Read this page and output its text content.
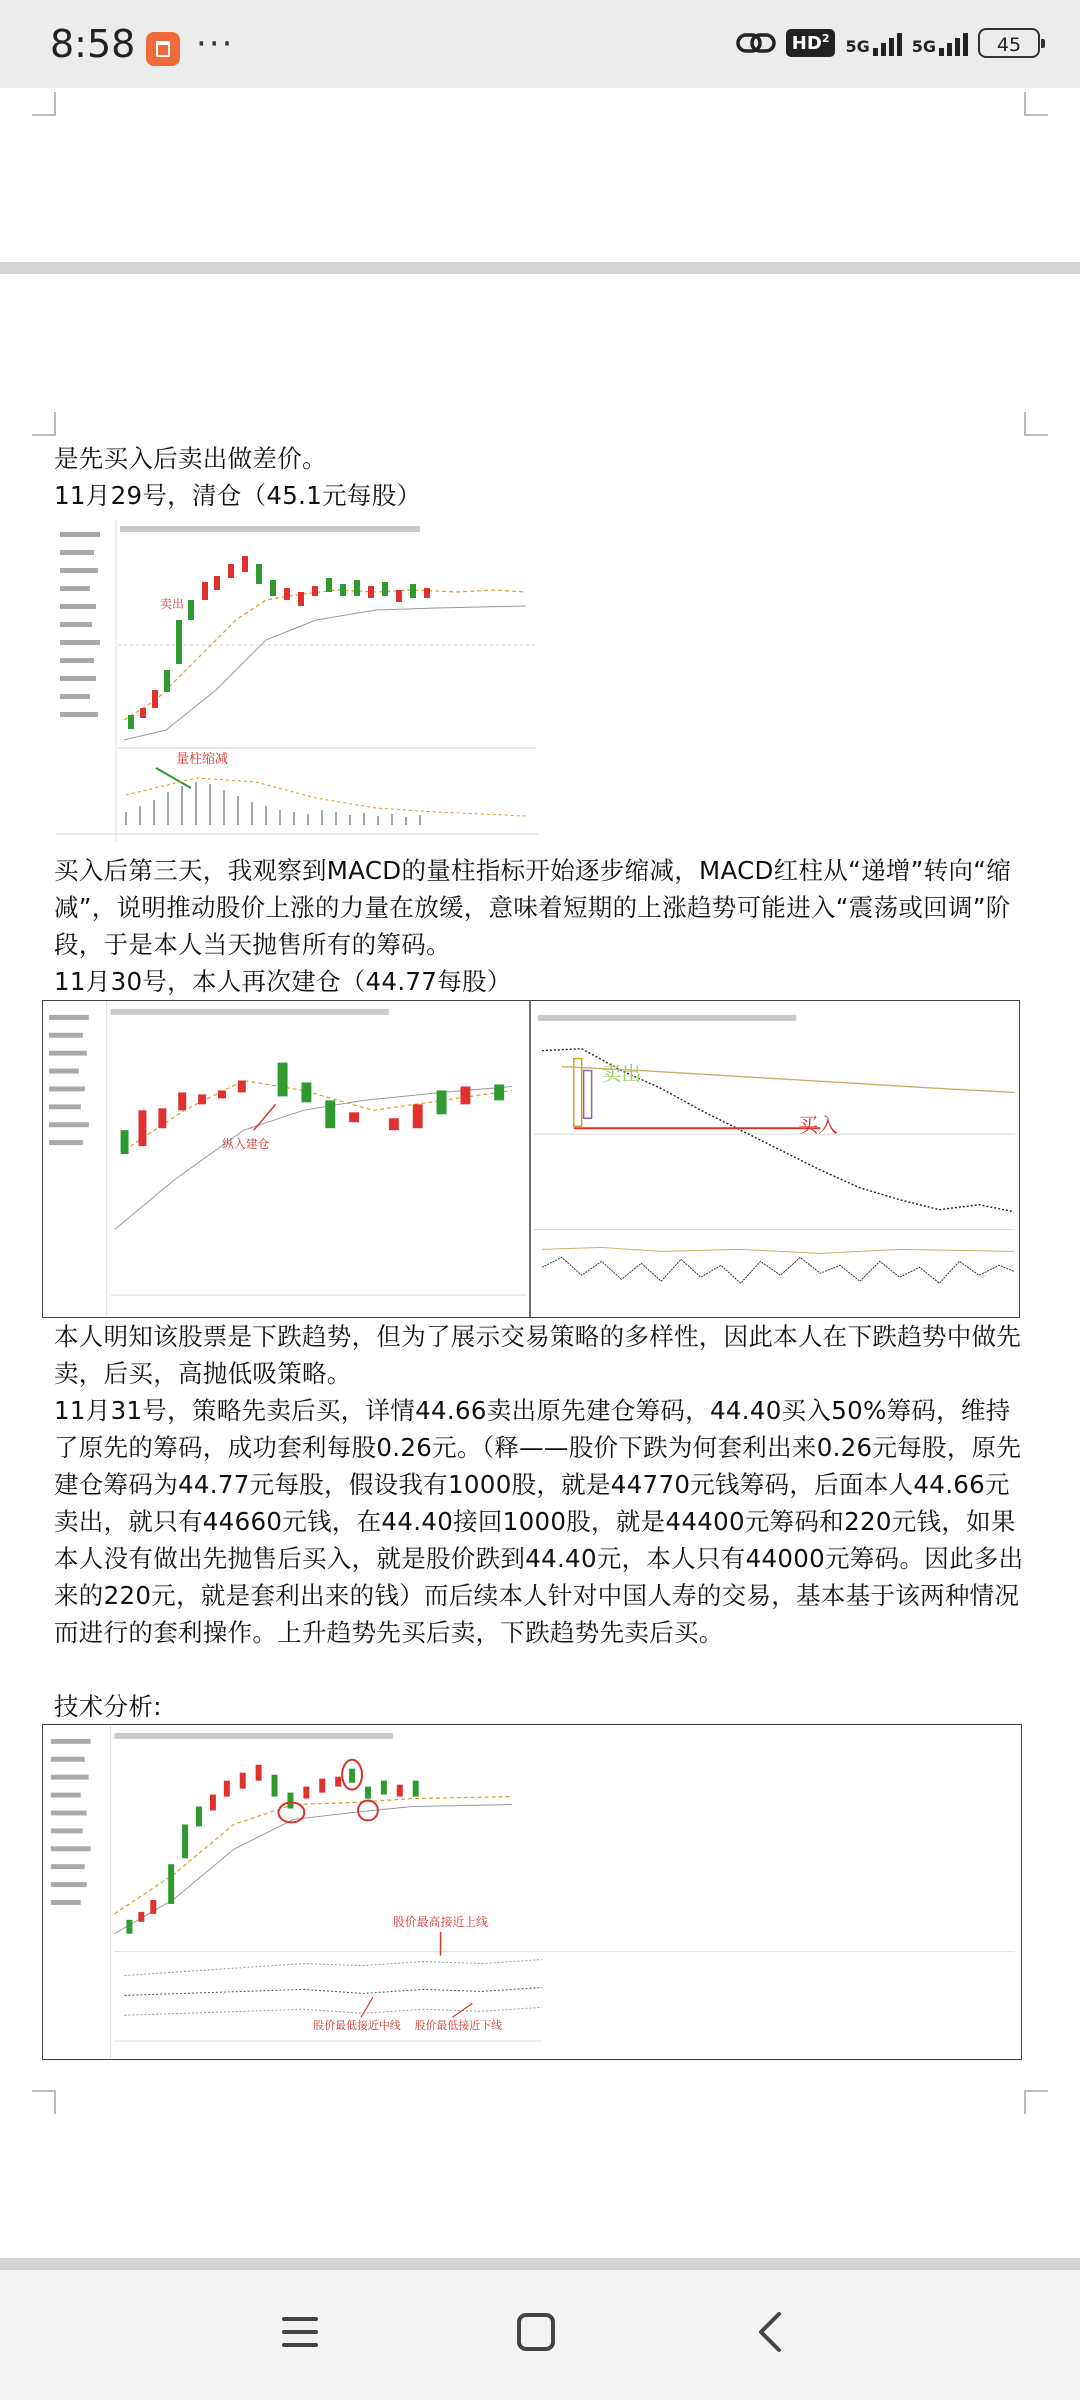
8:58 ···	$HD^2$	5G	5G	45
是先买入后卖出做差价。
11月29号，清仓（45.1元每股）
卖出
量柱缩减
买入后第三天，我观察到MACD的量柱指标开始逐步缩减，MACD红柱从“递增”转向“缩减”，说明推动股价上涨的力量在放缓，意味着短期的上涨趋势可能进入“震荡或回调”阶段，于是本人当天抛售所有的筹码。
11月30号，本人再次建仓（44.77每股）
纵入建仓
卖出
买入
本人明知该股票是下跌趋势，但为了展示交易策略的多样性，因此本人在下跌趋势中做先卖，后买，高抛低吸策略。
11月31号，策略先卖后买，详情44.66卖出原先建仓筹码，44.40买入50%筹码，维持了原先的筹码，成功套利每股0.26元。（释——股价下跌为何套利出来0.26元每股，原先建仓筹码为44.77元每股，假设我有1000股，就是44770元钱筹码，后面本人44.66元卖出，就只有44660元钱，在44.40接回1000股，就是44400元筹码和220元钱，如果本人没有做出先抛售后买入，就是股价跌到44.40元，本人只有44000元筹码。因此多出来的220元，就是套利出来的钱）而后续本人针对中国人寿的交易，基本基于该两种情况而进行的套利操作。上升趋势先买后卖，下跌趋势先卖后买。
技术分析:
股价最高接近上线
股价最低接近中线 股价最低接近下线
